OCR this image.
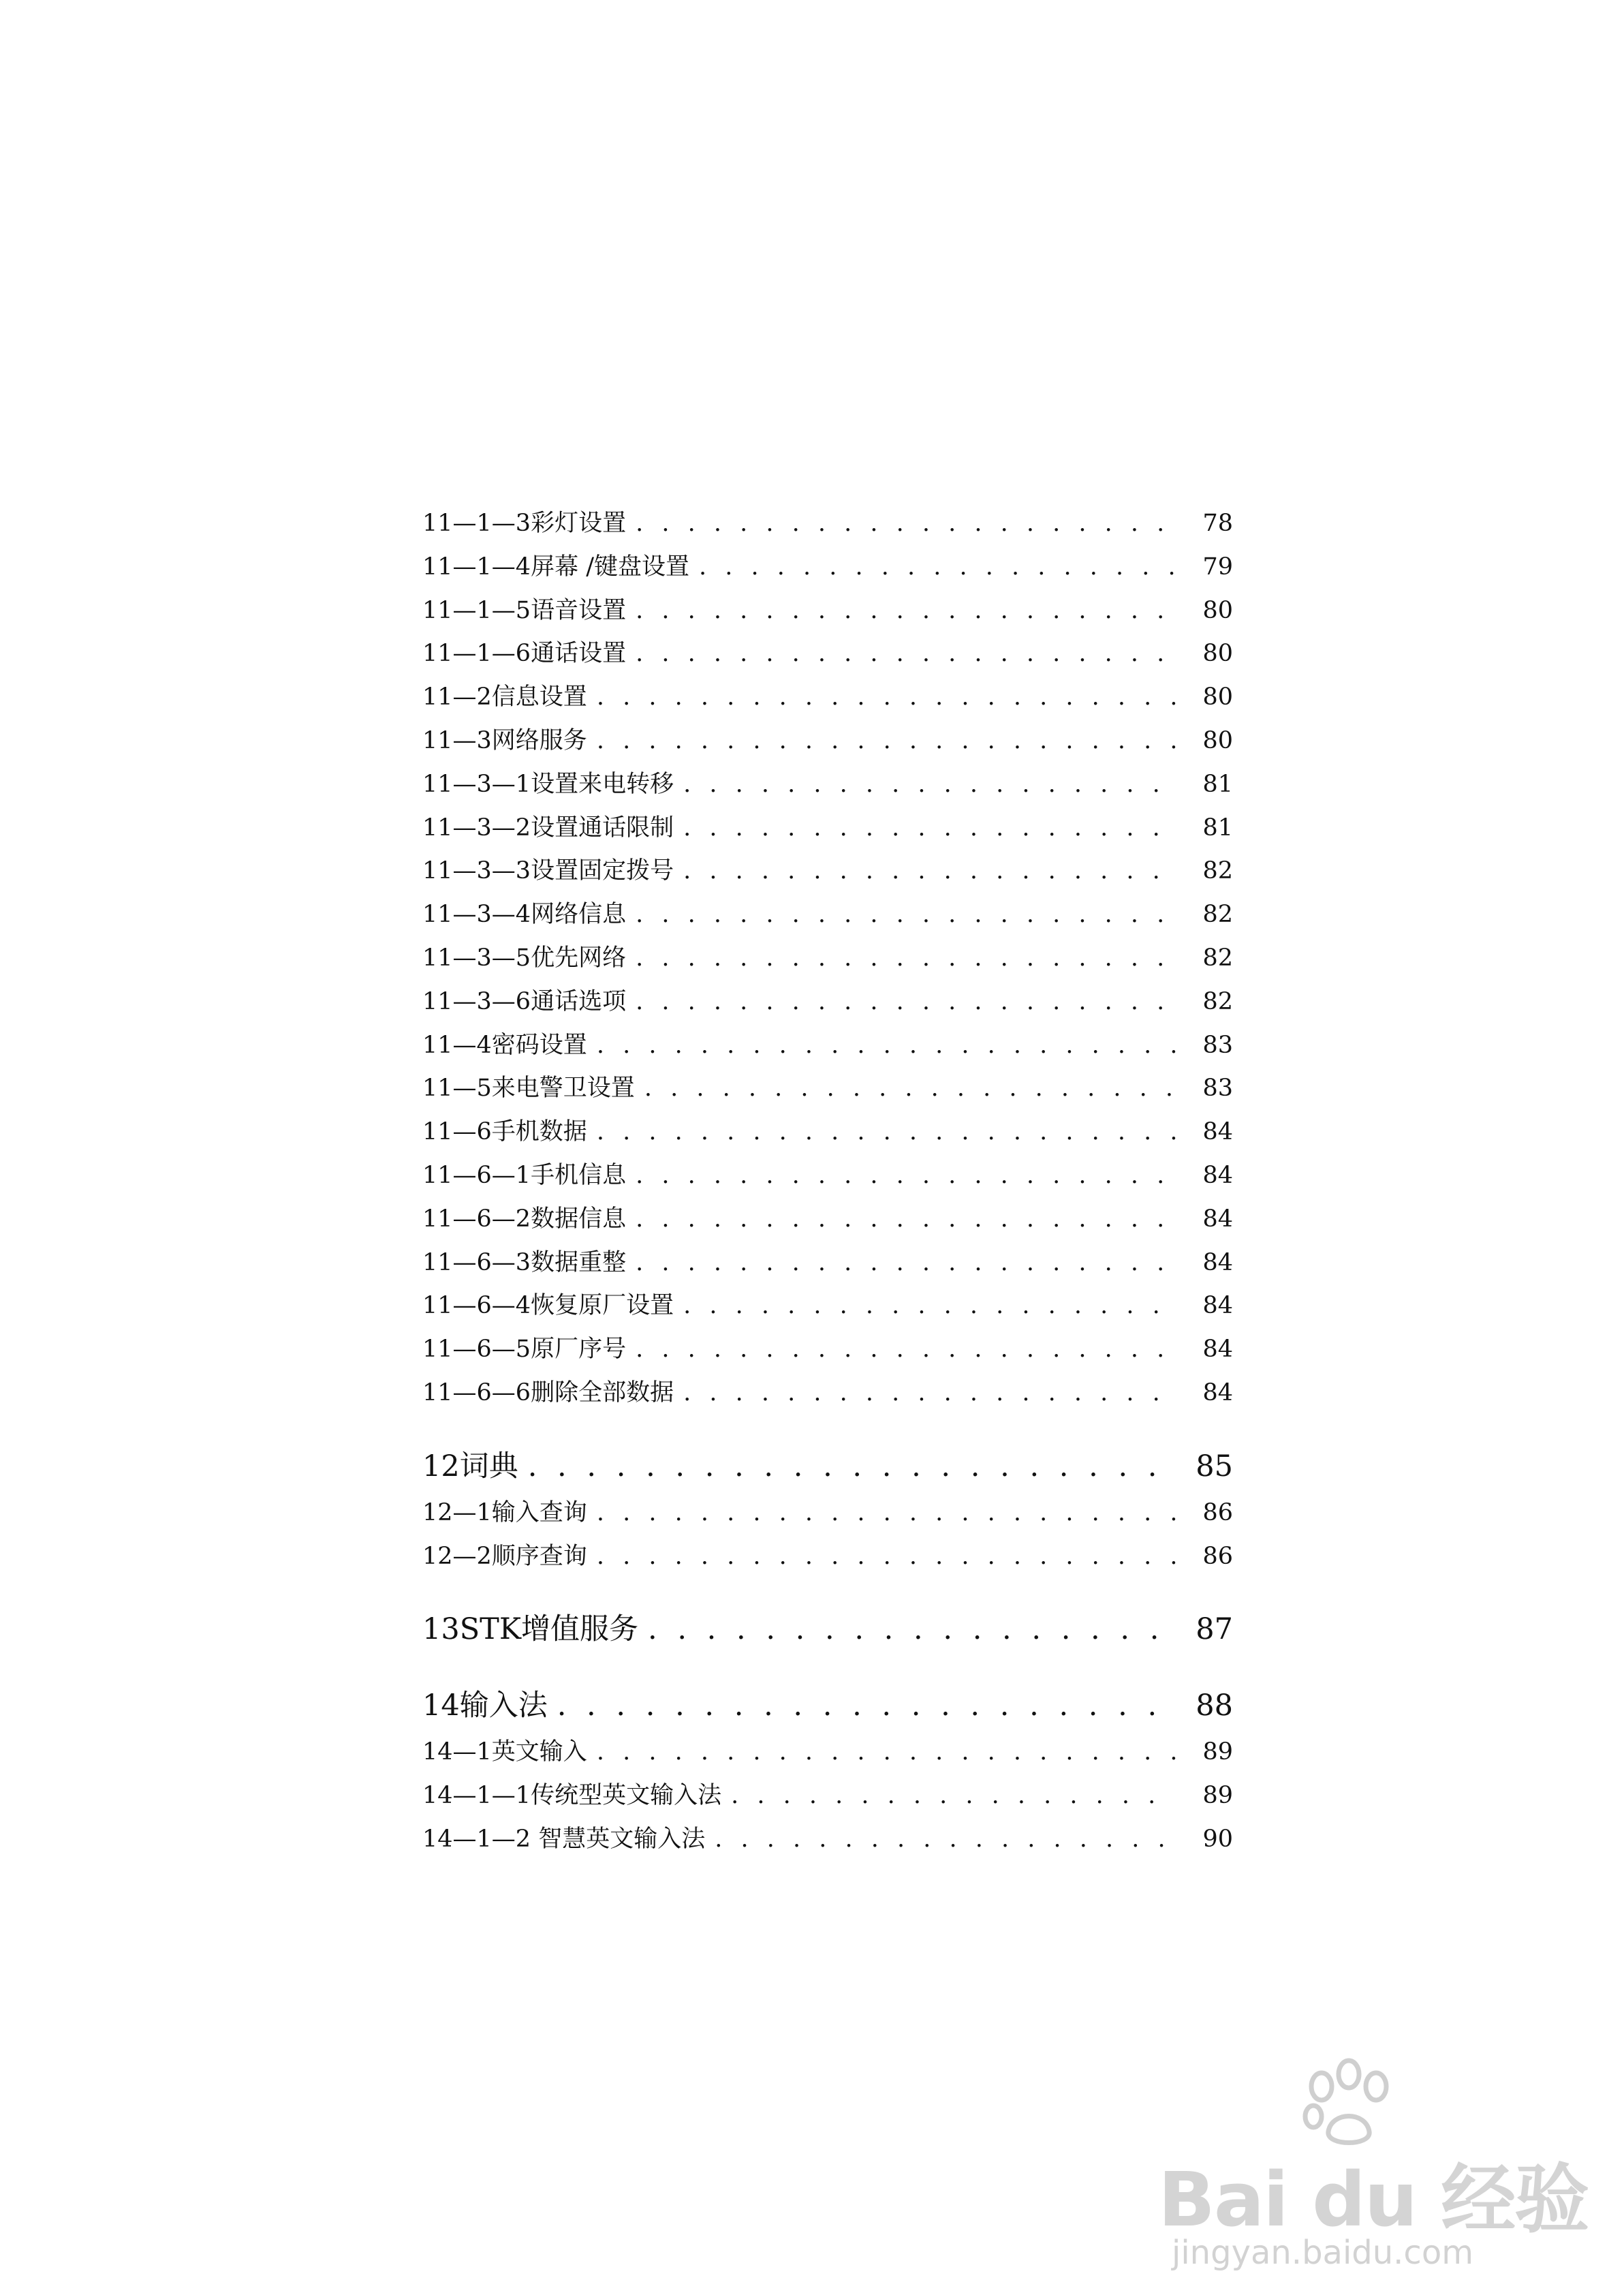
11—1—3彩灯设置 . . .	78
11—1—4屏幕 /键盘设置 . . .	79
11—1—5语音设置 . . .	80
11—1—6通话设置 . . .	80
11—2信息设置 . . .	80
11—3网络服务 . . .	80
11—3—1设置来电转移 . . .	81
11—3—2设置通话限制 . . .	81
11—3—3设置固定拨号 . . .	82
11—3—4网络信息 . . .	82
11—3—5优先网络 . . .	82
11—3—6通话选项 . . .	82
11—4密码设置 . . .	83
11—5来电警卫设置 . . .	83
11—6手机数据 . . .	84
11—6—1手机信息 . . .	84
11—6—2数据信息 . . .	84
11—6—3数据重整 . . .	84
11—6—4恢复原厂设置 . . .	84
11—6—5原厂序号 . . .	84
11—6—6删除全部数据 . . .	84
12词典 . . .	85
12—1输入查询 . . .	86
12—2顺序查询 . . .	86
13STK增值服务 . . .	87
14输入法 . . .	88
14—1英文输入 . . .	89
14—1—1传统型英文输入法 . . .	89
14—1—2 智慧英文输入法 . . .	90
Bai du 经验
jingyan.baidu.com
